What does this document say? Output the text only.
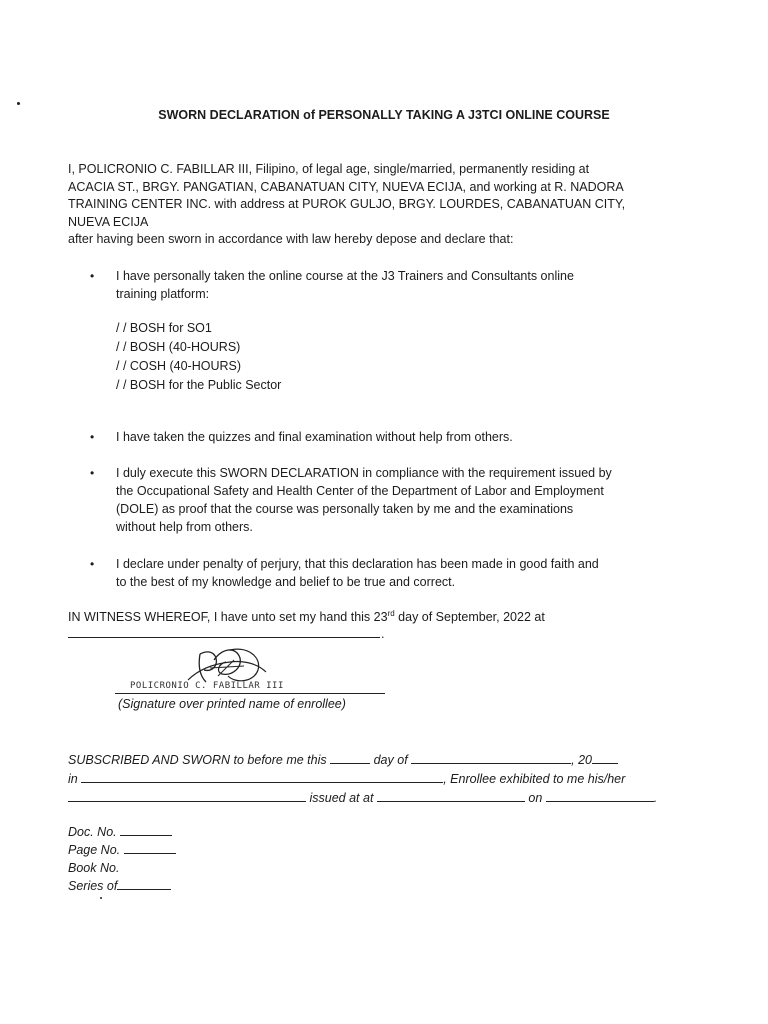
SWORN DECLARATION of PERSONALLY TAKING A J3TCI ONLINE COURSE

I, POLICRONIO C. FABILLAR III, Filipino, of legal age, single/married, permanently residing at

ACACIA ST., BRGY. PANGATIAN, CABANATUAN CITY, NUEVA ECIJA, and working at R. NADORA

TRAINING CENTER INC. with address at PUROK GULJO, BRGY. LOURDES, CABANATUAN CITY,

NUEVA ECIJA

after having been sworn in accordance with law hereby depose and declare that:

• I have personally taken the online course at the J3 Trainers and Consultants online
training platform:
/ / BOSH for SO1
/ / BOSH (40-HOURS)
/ / COSH (40-HOURS)
/ / BOSH for the Public Sector
• I have taken the quizzes and final examination without help from others.
• I duly execute this SWORN DECLARATION in compliance with the requirement issued by
the Occupational Safety and Health Center of the Department of Labor and Employment
(DOLE) as proof that the course was personally taken by me and the examinations
without help from others.
• I declare under penalty of perjury, that this declaration has been made in good faith and
to the best of my knowledge and belief to be true and correct.
IN WITNESS WHEREOF, I have unto set my hand this 23rd day of September, 2022 at
.
POLICRONIO C. FABILLAR III
(Signature over printed name of enrollee)
SUBSCRIBED AND SWORN to before me this	day of	, 20
in	, Enrollee exhibited to me his/her
issued at at	on	.
Doc. No.
Page No.
Book No.
Series of
